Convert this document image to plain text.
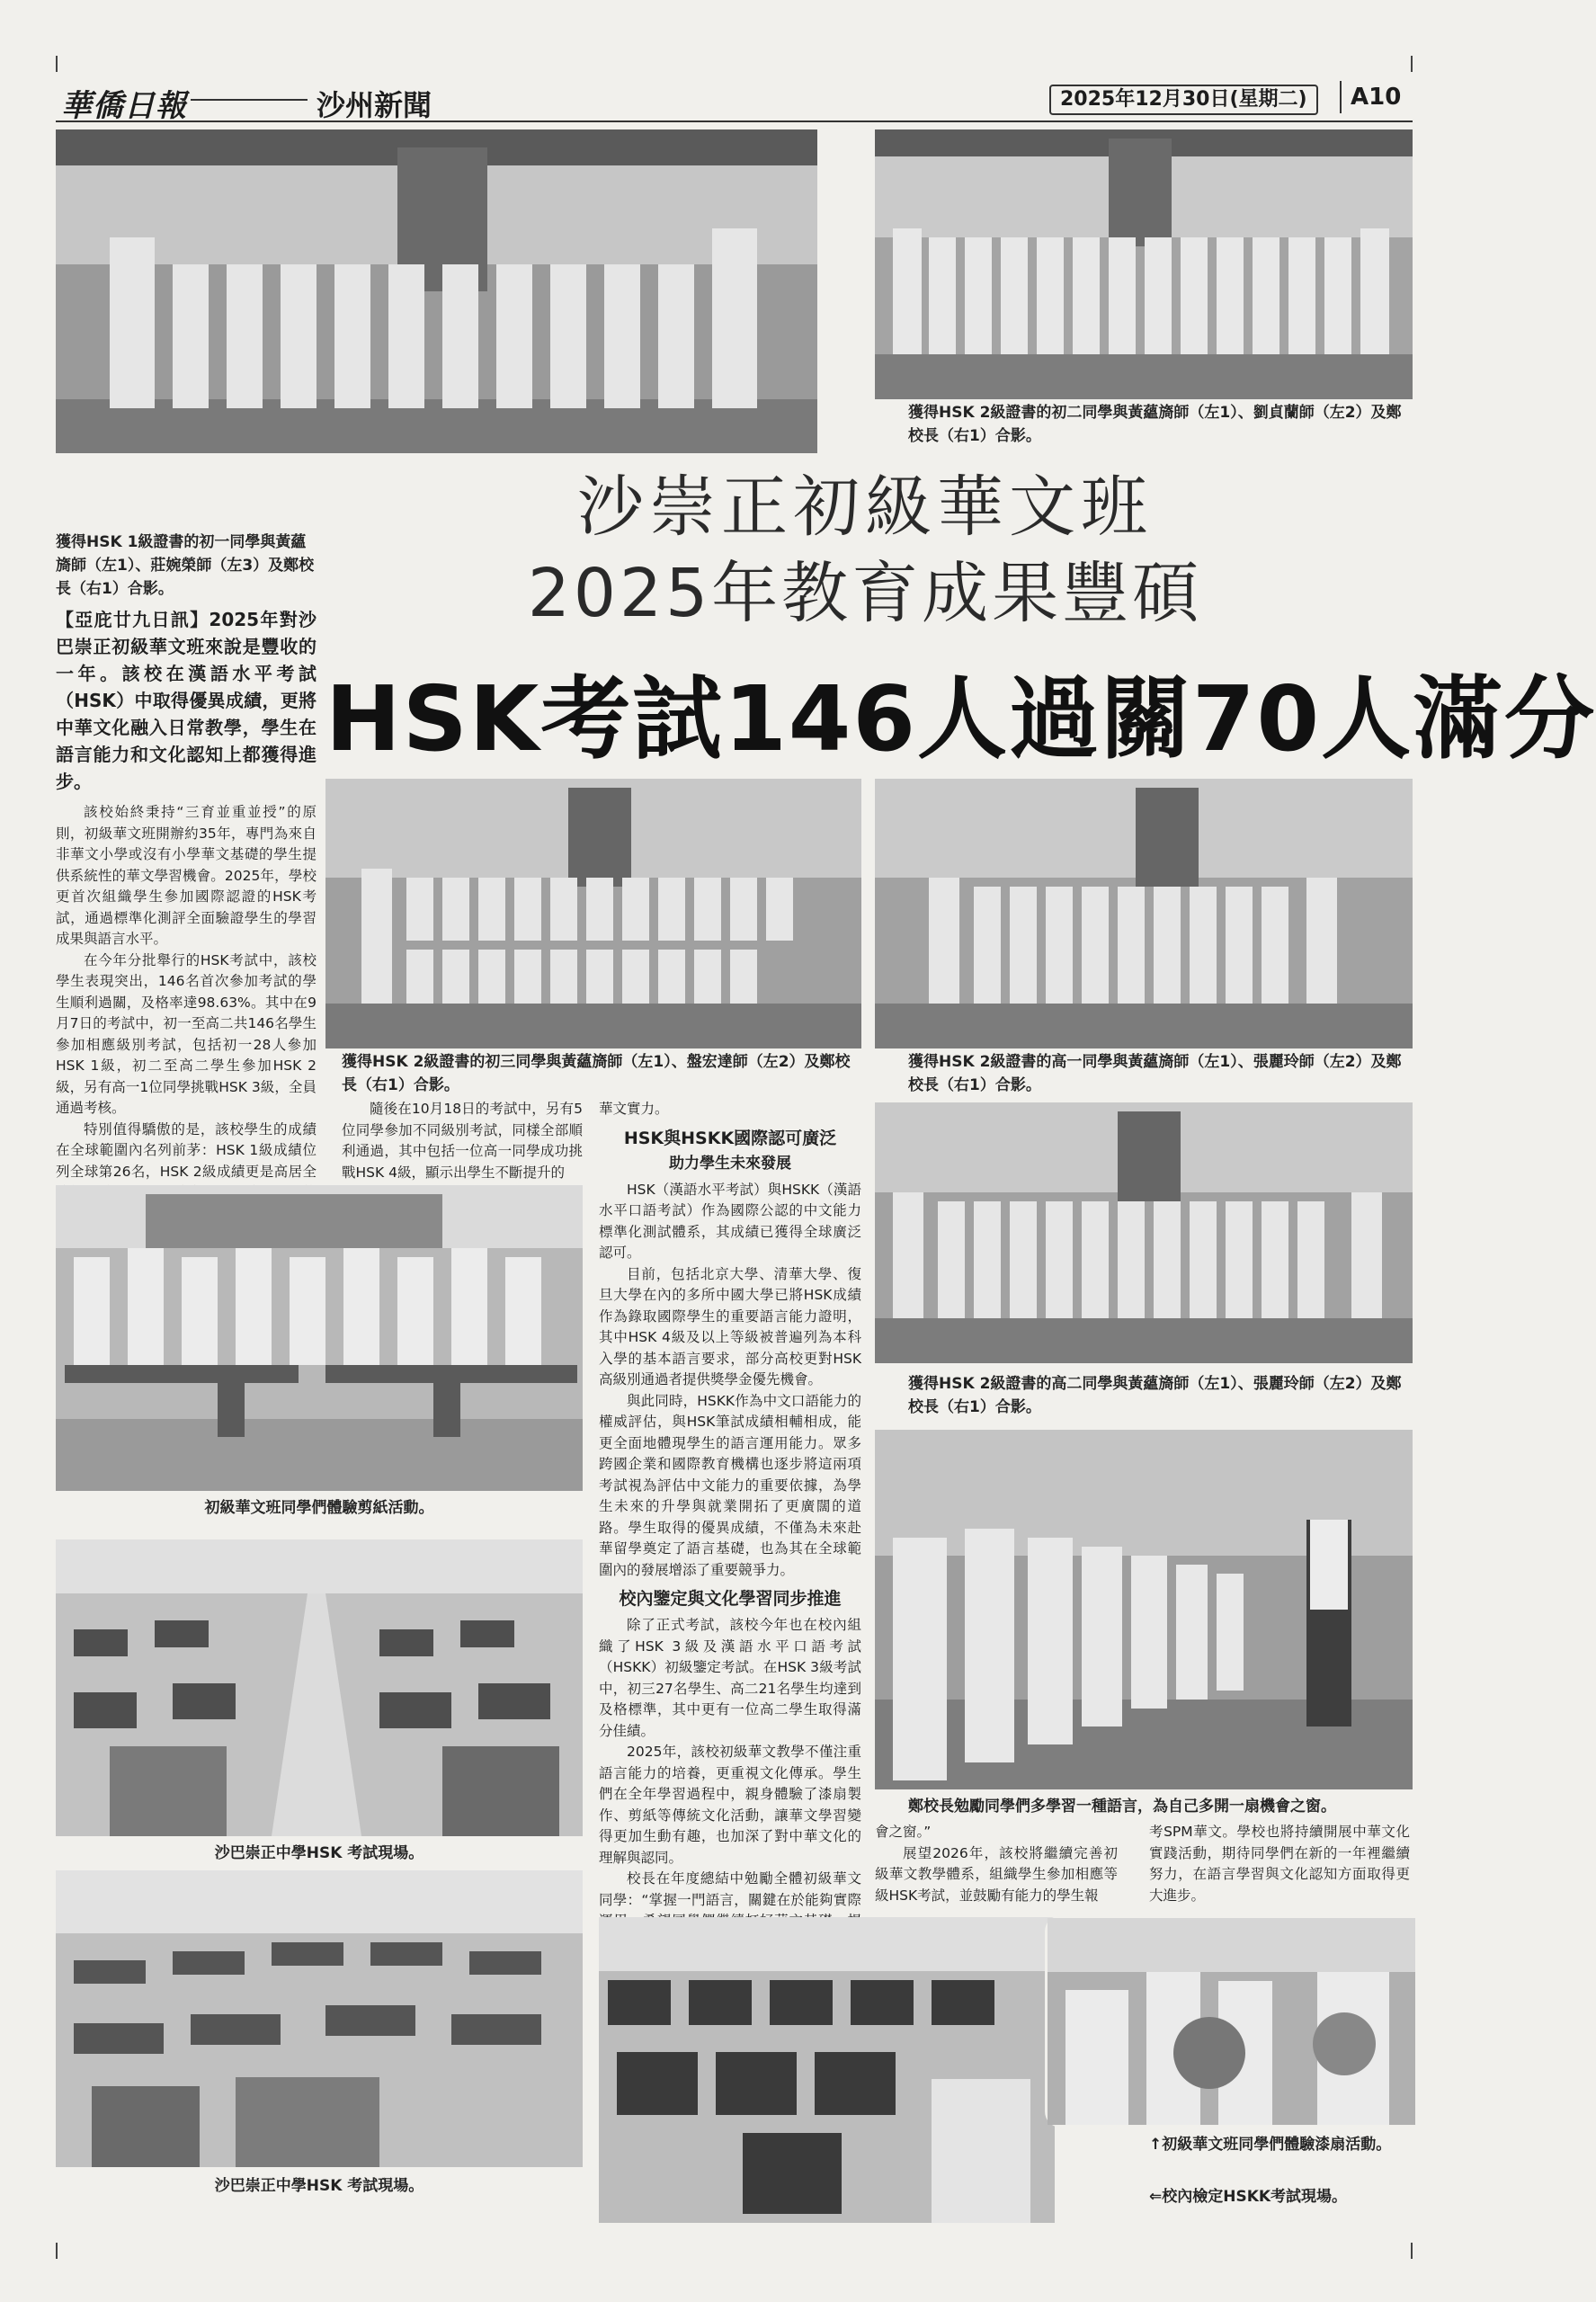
華僑日報	沙州新聞	2025年12月30日(星期二)	A10
獲得HSK 1級證書的初一同學與黃蘊旖師（左1）、莊婉榮師（左3）及鄭校長（右1）合影。
獲得HSK 2級證書的初二同學與黃蘊旖師（左1）、劉貞蘭師（左2）及鄭校長（右1）合影。
沙崇正初級華文班
2025年教育成果豐碩
HSK考試146人過關70人滿分

【亞庇廿九日訊】2025年對沙巴崇正初級華文班來說是豐收的一年。該校在漢語水平考試（HSK）中取得優異成績，更將中華文化融入日常教學，學生在語言能力和文化認知上都獲得進步。

該校始終秉持“三育並重並授”的原則，初級華文班開辦約35年，專門為來自非華文小學或沒有小學華文基礎的學生提供系統性的華文學習機會。2025年，學校更首次組織學生參加國際認證的HSK考試，通過標準化測評全面驗證學生的學習成果與語言水平。

在今年分批舉行的HSK考試中，該校學生表現突出，146名首次參加考試的學生順利過關，及格率達98.63%。其中在9月7日的考試中，初一至高二共146名學生參加相應級別考試，包括初一28人參加HSK 1級，初二至高二學生參加HSK 2級，另有高一1位同學挑戰HSK 3級，全員通過考核。

特別值得驕傲的是，該校學生的成績在全球範圍內名列前茅：HSK 1級成績位列全球第26名，HSK 2級成績更是高居全

獲得HSK 2級證書的初三同學與黃蘊旖師（左1）、盤宏達師（左2）及鄭校長（右1）合影。
獲得HSK 2級證書的高一同學與黃蘊旖師（左1）、張麗玲師（左2）及鄭校長（右1）合影。

隨後在10月18日的考試中，另有5位同學參加不同級別考試，同樣全部順利通過，其中包括一位高一同學成功挑戰HSK 4級，顯示出學生不斷提升的

華文實力。

HSK與HSKK國際認可廣泛
助力學生未來發展

HSK（漢語水平考試）與HSKK（漢語水平口語考試）作為國際公認的中文能力標準化測試體系，其成績已獲得全球廣泛認可。

目前，包括北京大學、清華大學、復旦大學在內的多所中國大學已將HSK成績作為錄取國際學生的重要語言能力證明，其中HSK 4級及以上等級被普遍列為本科入學的基本語言要求，部分高校更對HSK高級別通過者提供獎學金優先機會。

與此同時，HSKK作為中文口語能力的權威評估，與HSK筆試成績相輔相成，能更全面地體現學生的語言運用能力。眾多跨國企業和國際教育機構也逐步將這兩項考試視為評估中文能力的重要依據，為學生未來的升學與就業開拓了更廣闊的道路。學生取得的優異成績，不僅為未來赴華留學奠定了語言基礎，也為其在全球範圍內的發展增添了重要競爭力。

校內鑒定與文化學習同步推進

除了正式考試，該校今年也在校內組織了HSK 3級及漢語水平口語考試（HSKK）初級鑒定考試。在HSK 3級考試中，初三27名學生、高二21名學生均達到及格標準，其中更有一位高二學生取得滿分佳績。

2025年，該校初級華文教學不僅注重語言能力的培養，更重視文化傳承。學生們在全年學習過程中，親身體驗了漆扇製作、剪紙等傳統文化活動，讓華文學習變得更加生動有趣，也加深了對中華文化的理解與認同。

校長在年度總結中勉勵全體初級華文同學：“掌握一門語言，關鍵在於能夠實際

獲得HSK 2級證書的高二同學與黃蘊旖師（左1）、張麗玲師（左2）及鄭校長（右1）合影。
初級華文班同學們體驗剪紙活動。
沙巴崇正中學HSK 考試現場。
鄭校長勉勵同學們多學習一種語言，為自己多開一扇機會之窗。

會之窗。”

展望2026年，該校將繼續完善初級華文教學體系，組織學生參加相應等級HSK考試，並鼓勵有能力的學生報

考SPM華文。學校也將持續開展中華文化實踐活動，期待同學們在新的一年裡繼續努力，在語言學習與文化認知方面取得更大進步。

沙巴崇正中學HSK 考試現場。
↑初級華文班同學們體驗漆扇活動。
⇐校內檢定HSKK考試現場。
